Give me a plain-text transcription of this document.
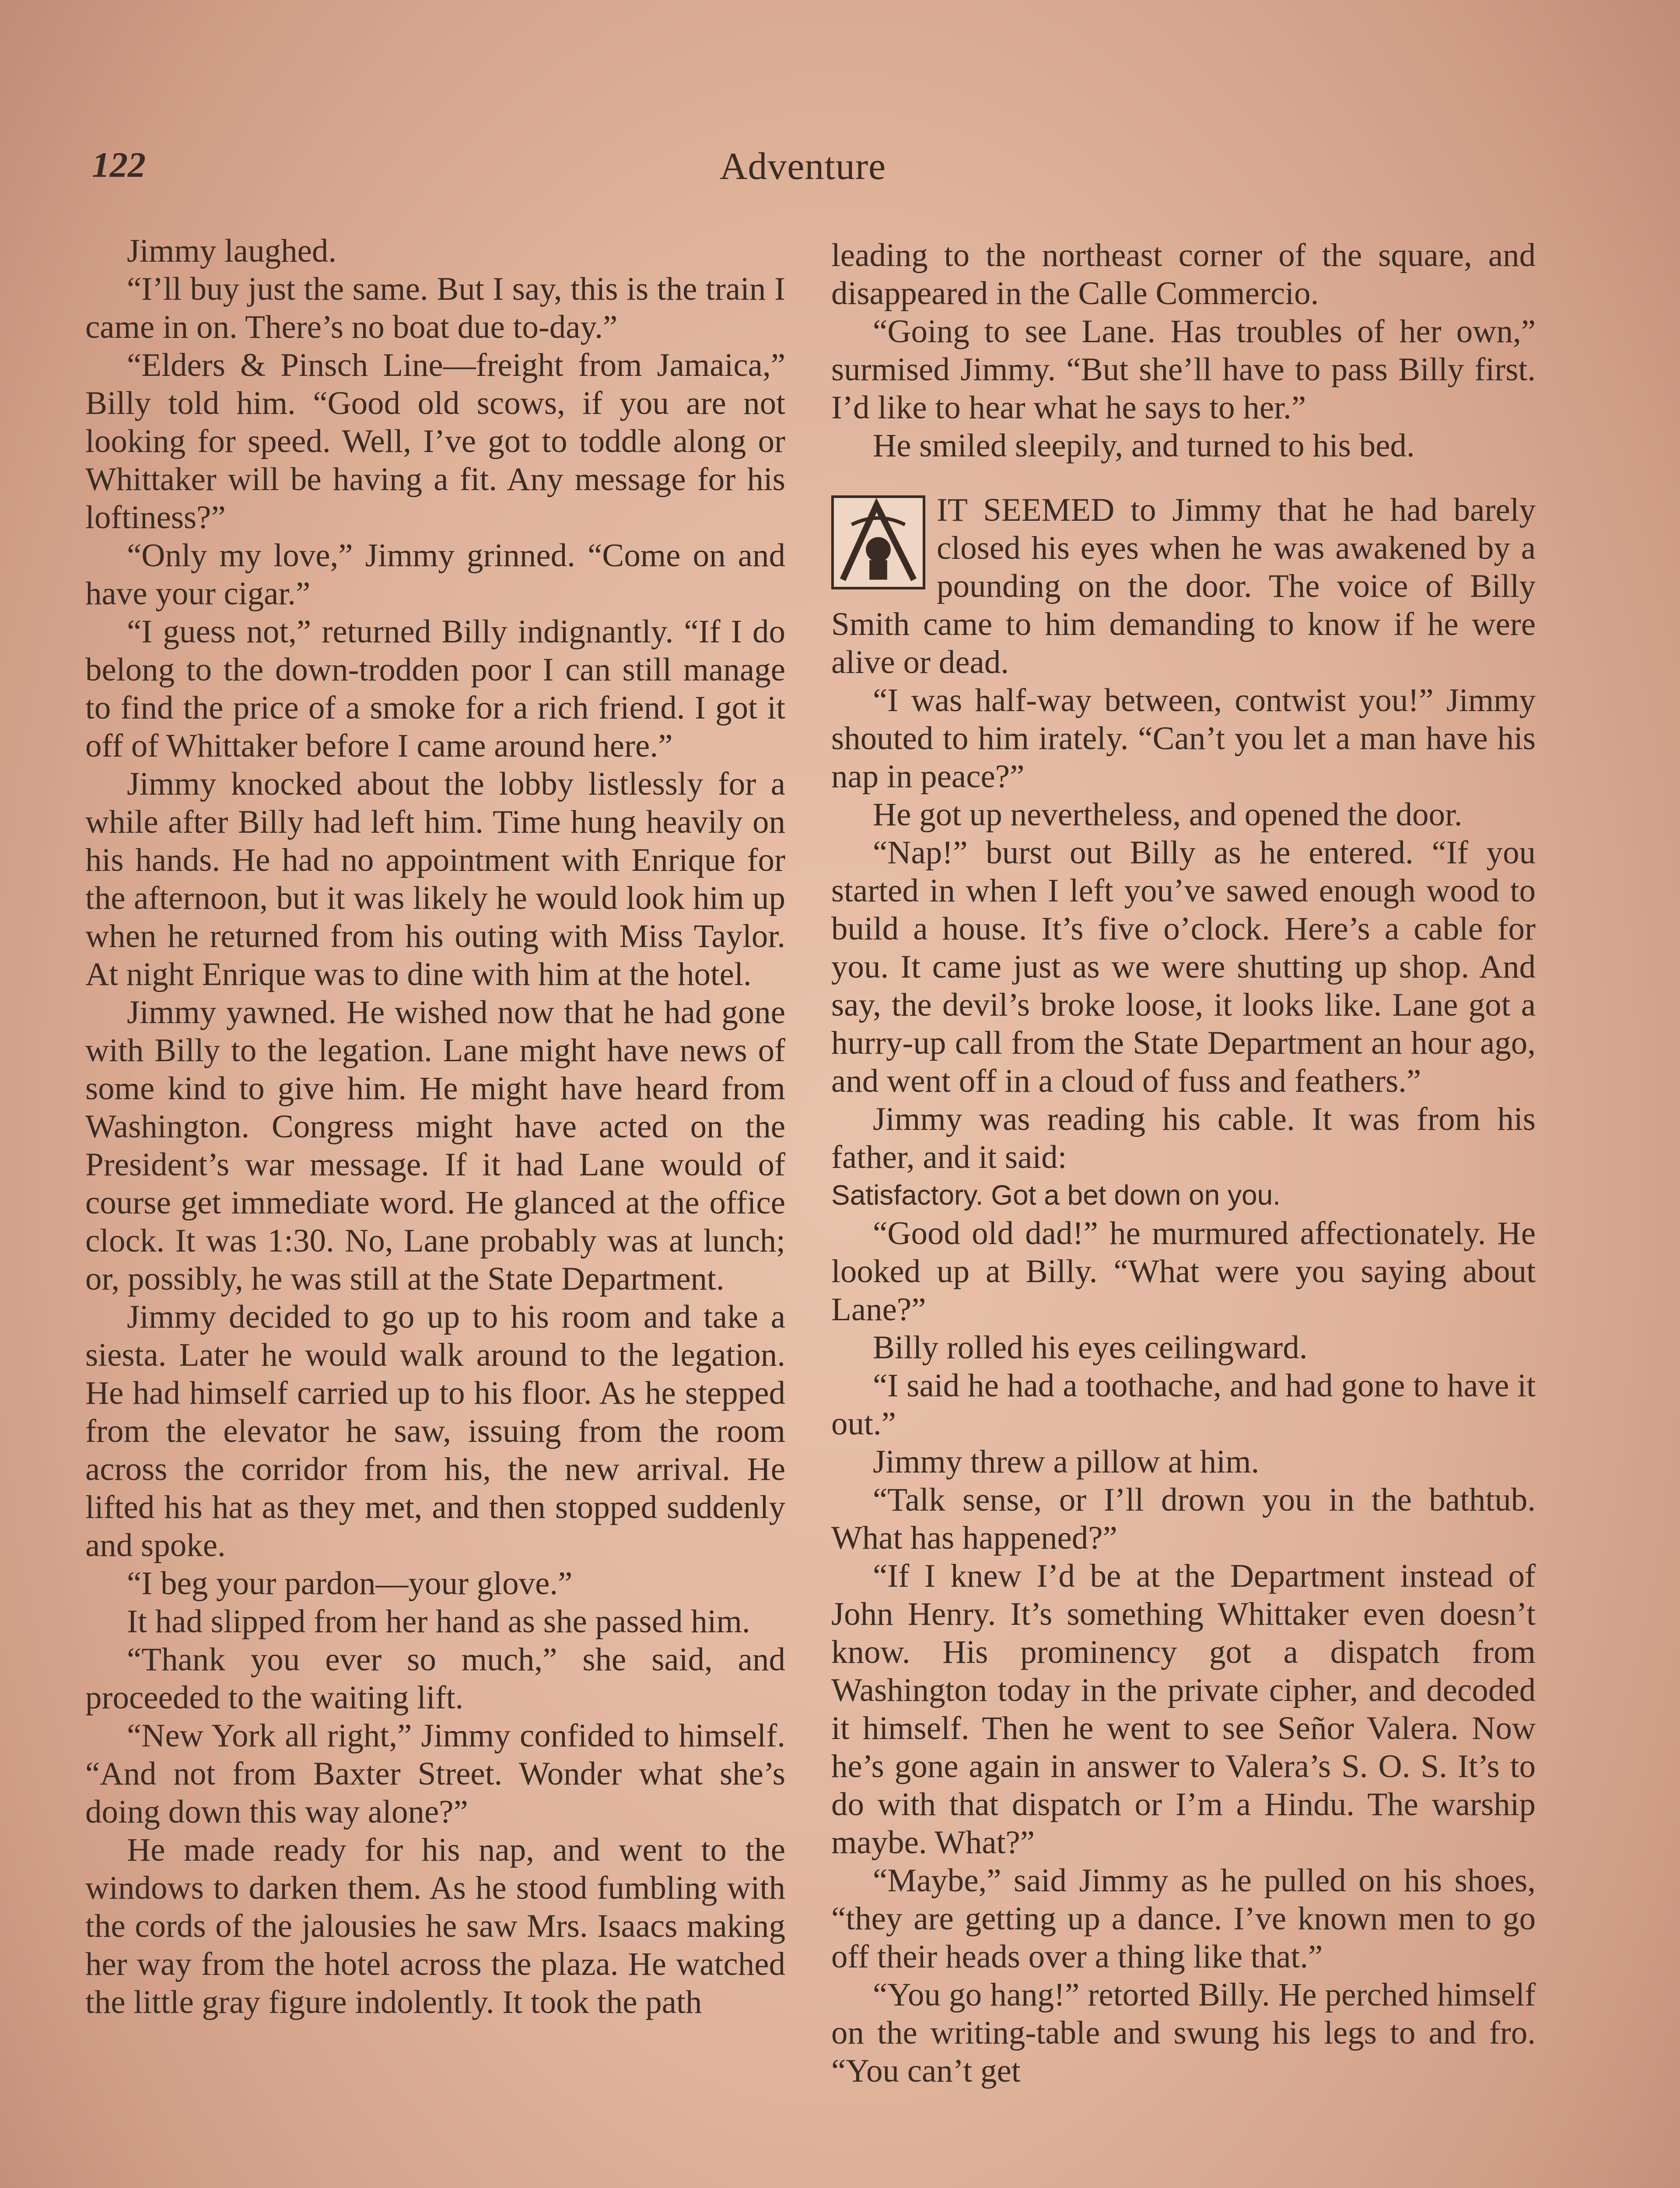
122	Adventure

Jimmy laughed.

“I’ll buy just the same. But I say, this is the train I came in on. There’s no boat due to-day.”

“Elders & Pinsch Line—freight from Jamaica,” Billy told him. “Good old scows, if you are not looking for speed. Well, I’ve got to toddle along or Whittaker will be having a fit. Any message for his loftiness?”

“Only my love,” Jimmy grinned. “Come on and have your cigar.”

“I guess not,” returned Billy indignantly. “If I do belong to the down-trodden poor I can still manage to find the price of a smoke for a rich friend. I got it off of Whittaker before I came around here.”

Jimmy knocked about the lobby listlessly for a while after Billy had left him. Time hung heavily on his hands. He had no appointment with Enrique for the afternoon, but it was likely he would look him up when he returned from his outing with Miss Taylor. At night Enrique was to dine with him at the hotel.

Jimmy yawned. He wished now that he had gone with Billy to the legation. Lane might have news of some kind to give him. He might have heard from Washington. Congress might have acted on the President’s war message. If it had Lane would of course get immediate word. He glanced at the office clock. It was 1:30. No, Lane probably was at lunch; or, possibly, he was still at the State Department.

Jimmy decided to go up to his room and take a siesta. Later he would walk around to the legation. He had himself carried up to his floor. As he stepped from the elevator he saw, issuing from the room across the corridor from his, the new arrival. He lifted his hat as they met, and then stopped suddenly and spoke.

“I beg your pardon—your glove.”

It had slipped from her hand as she passed him.

“Thank you ever so much,” she said, and proceeded to the waiting lift.

“New York all right,” Jimmy confided to himself. “And not from Baxter Street. Wonder what she’s doing down this way alone?”

He made ready for his nap, and went to the windows to darken them. As he stood fumbling with the cords of the jalousies he saw Mrs. Isaacs making her way from the hotel across the plaza. He watched the little gray figure indolently. It took the path

leading to the northeast corner of the square, and disappeared in the Calle Commercio.

“Going to see Lane. Has troubles of her own,” surmised Jimmy. “But she’ll have to pass Billy first. I’d like to hear what he says to her.”

He smiled sleepily, and turned to his bed.

IT SEEMED to Jimmy that he had barely closed his eyes when he was awakened by a pounding on the door. The voice of Billy Smith came to him demanding to know if he were alive or dead.

“I was half-way between, contwist you!” Jimmy shouted to him irately. “Can’t you let a man have his nap in peace?”

He got up nevertheless, and opened the door.

“Nap!” burst out Billy as he entered. “If you started in when I left you’ve sawed enough wood to build a house. It’s five o’clock. Here’s a cable for you. It came just as we were shutting up shop. And say, the devil’s broke loose, it looks like. Lane got a hurry-up call from the State Department an hour ago, and went off in a cloud of fuss and feathers.”

Jimmy was reading his cable. It was from his father, and it said:

Satisfactory. Got a bet down on you.

“Good old dad!” he murmured affectionately. He looked up at Billy. “What were you saying about Lane?”

Billy rolled his eyes ceilingward.

“I said he had a toothache, and had gone to have it out.”

Jimmy threw a pillow at him.

“Talk sense, or I’ll drown you in the bathtub. What has happened?”

“If I knew I’d be at the Department instead of John Henry. It’s something Whittaker even doesn’t know. His prominency got a dispatch from Washington today in the private cipher, and decoded it himself. Then he went to see Señor Valera. Now he’s gone again in answer to Valera’s S. O. S. It’s to do with that dispatch or I’m a Hindu. The warship maybe. What?”

“Maybe,” said Jimmy as he pulled on his shoes, “they are getting up a dance. I’ve known men to go off their heads over a thing like that.”

“You go hang!” retorted Billy. He perched himself on the writing-table and swung his legs to and fro. “You can’t get
